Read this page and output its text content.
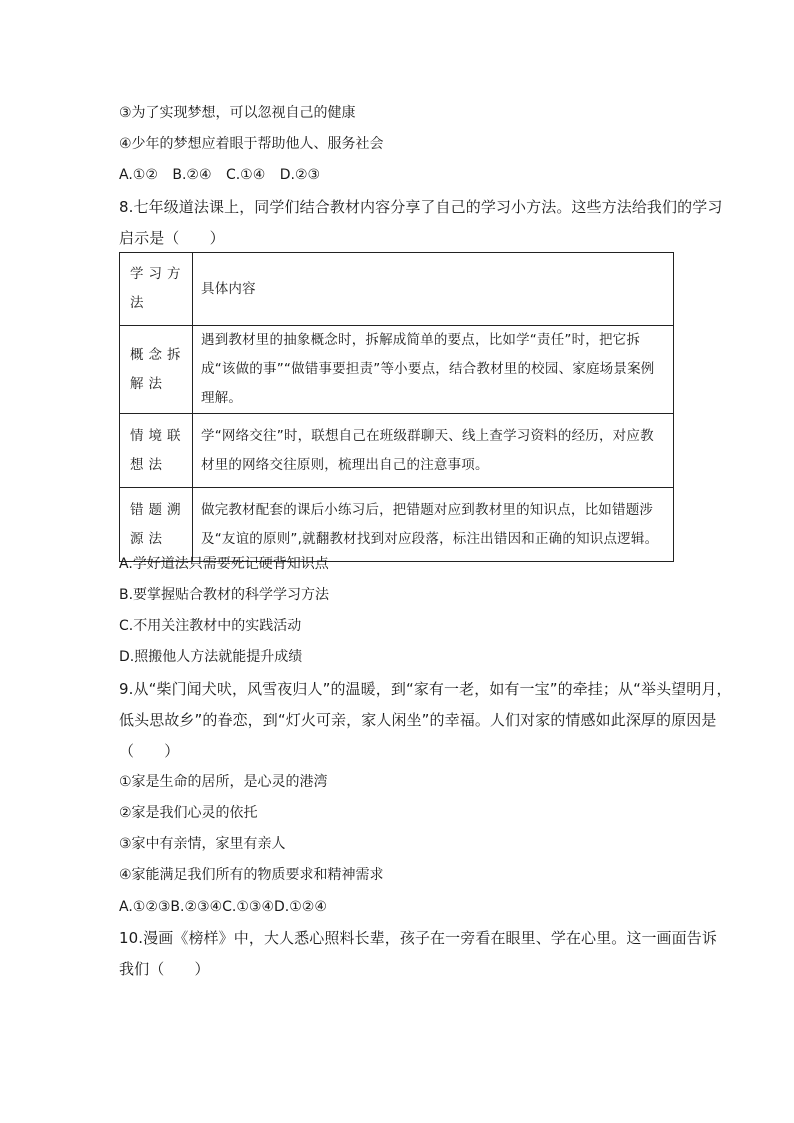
③为了实现梦想，可以忽视自己的健康
④少年的梦想应着眼于帮助他人、服务社会
A.①② B.②④ C.①④ D.②③
8.七年级道法课上，同学们结合教材内容分享了自己的学习小方法。这些方法给我们的学习
启示是（　　）
学习方法	具体内容
概念拆解法	遇到教材里的抽象概念时，拆解成简单的要点，比如学“责任”时，把它拆成“该做的事”“做错事要担责”等小要点，结合教材里的校园、家庭场景案例理解。
情境联想法	学“网络交往”时，联想自己在班级群聊天、线上查学习资料的经历，对应教材里的网络交往原则，梳理出自己的注意事项。
错题溯源法	做完教材配套的课后小练习后，把错题对应到教材里的知识点，比如错题涉及“友谊的原则”,就翻教材找到对应段落，标注出错因和正确的知识点逻辑。
A.学好道法只需要死记硬背知识点
B.要掌握贴合教材的科学学习方法
C.不用关注教材中的实践活动
D.照搬他人方法就能提升成绩
9.从“柴门闻犬吠，风雪夜归人”的温暖，到“家有一老，如有一宝”的牵挂；从“举头望明月，
低头思故乡”的眷恋，到“灯火可亲，家人闲坐”的幸福。人们对家的情感如此深厚的原因是
（　　）
①家是生命的居所，是心灵的港湾
②家是我们心灵的依托
③家中有亲情，家里有亲人
④家能满足我们所有的物质要求和精神需求
A.①②③B.②③④C.①③④D.①②④
10.漫画《榜样》中，大人悉心照料长辈，孩子在一旁看在眼里、学在心里。这一画面告诉
我们（　　）
